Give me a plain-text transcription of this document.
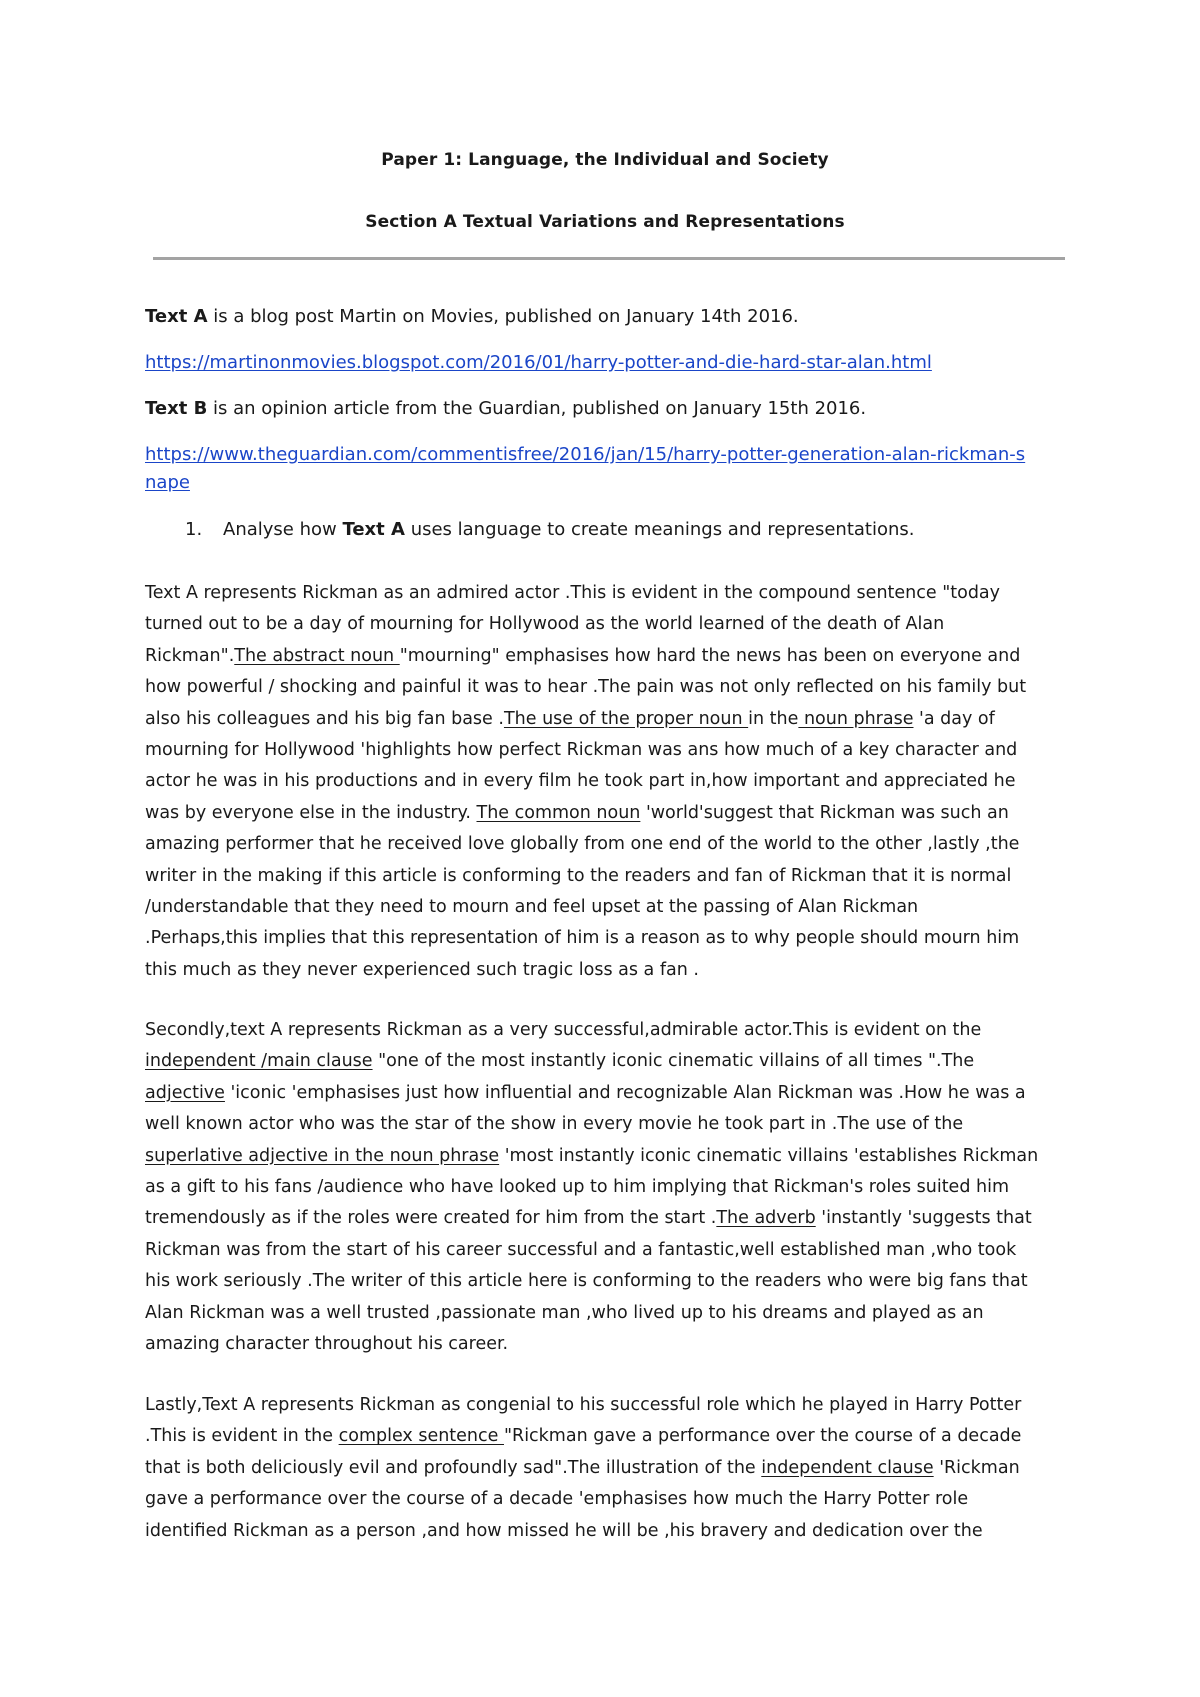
Paper 1: Language, the Individual and Society
Section A Textual Variations and Representations
Text A is a blog post Martin on Movies, published on January 14th 2016.
https://martinonmovies.blogspot.com/2016/01/harry-potter-and-die-hard-star-alan.html
Text B is an opinion article from the Guardian, published on January 15th 2016.
https://www.theguardian.com/commentisfree/2016/jan/15/harry-potter-generation-alan-rickman-s
nape
1. Analyse how Text A uses language to create meanings and representations.
Text A represents Rickman as an admired actor .This is evident in the compound sentence "today
turned out to be a day of mourning for Hollywood as the world learned of the death of Alan
Rickman".The abstract noun "mourning" emphasises how hard the news has been on everyone and
how powerful / shocking and painful it was to hear .The pain was not only reflected on his family but
also his colleagues and his big fan base .The use of the proper noun in the noun phrase 'a day of
mourning for Hollywood 'highlights how perfect Rickman was ans how much of a key character and
actor he was in his productions and in every film he took part in,how important and appreciated he
was by everyone else in the industry. The common noun 'world'suggest that Rickman was such an
amazing performer that he received love globally from one end of the world to the other ,lastly ,the
writer in the making if this article is conforming to the readers and fan of Rickman that it is normal
/understandable that they need to mourn and feel upset at the passing of Alan Rickman
.Perhaps,this implies that this representation of him is a reason as to why people should mourn him
this much as they never experienced such tragic loss as a fan .
Secondly,text A represents Rickman as a very successful,admirable actor.This is evident on the
independent /main clause "one of the most instantly iconic cinematic villains of all times ".The
adjective 'iconic 'emphasises just how influential and recognizable Alan Rickman was .How he was a
well known actor who was the star of the show in every movie he took part in .The use of the
superlative adjective in the noun phrase 'most instantly iconic cinematic villains 'establishes Rickman
as a gift to his fans /audience who have looked up to him implying that Rickman's roles suited him
tremendously as if the roles were created for him from the start .The adverb 'instantly 'suggests that
Rickman was from the start of his career successful and a fantastic,well established man ,who took
his work seriously .The writer of this article here is conforming to the readers who were big fans that
Alan Rickman was a well trusted ,passionate man ,who lived up to his dreams and played as an
amazing character throughout his career.
Lastly,Text A represents Rickman as congenial to his successful role which he played in Harry Potter
.This is evident in the complex sentence "Rickman gave a performance over the course of a decade
that is both deliciously evil and profoundly sad".The illustration of the independent clause 'Rickman
gave a performance over the course of a decade 'emphasises how much the Harry Potter role
identified Rickman as a person ,and how missed he will be ,his bravery and dedication over the
